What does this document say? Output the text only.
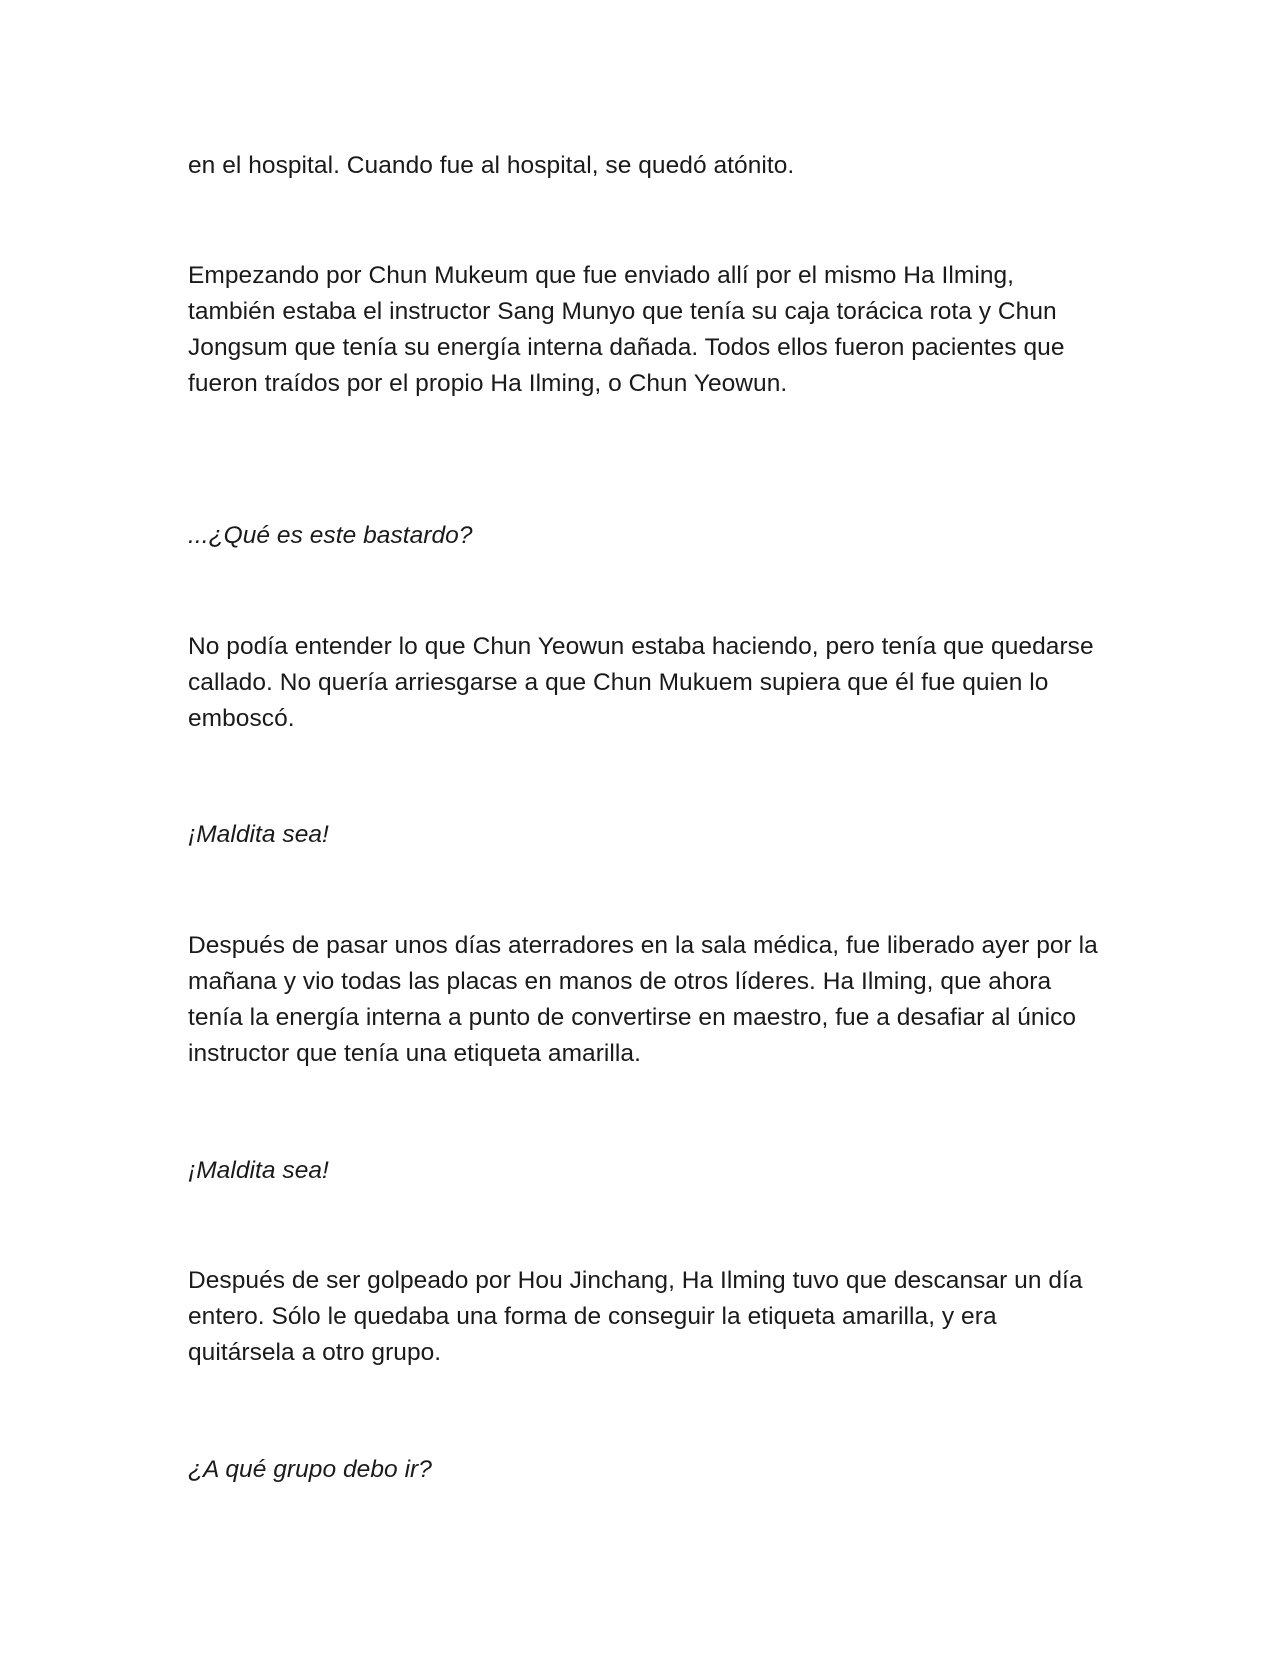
en el hospital. Cuando fue al hospital, se quedó atónito.

Empezando por Chun Mukeum que fue enviado allí por el mismo Ha Ilming, también estaba el instructor Sang Munyo que tenía su caja torácica rota y Chun Jongsum que tenía su energía interna dañada. Todos ellos fueron pacientes que fueron traídos por el propio Ha Ilming, o Chun Yeowun.

...¿Qué es este bastardo?

No podía entender lo que Chun Yeowun estaba haciendo, pero tenía que quedarse callado. No quería arriesgarse a que Chun Mukuem supiera que él fue quien lo emboscó.

¡Maldita sea!

Después de pasar unos días aterradores en la sala médica, fue liberado ayer por la mañana y vio todas las placas en manos de otros líderes. Ha Ilming, que ahora tenía la energía interna a punto de convertirse en maestro, fue a desafiar al único instructor que tenía una etiqueta amarilla.

¡Maldita sea!

Después de ser golpeado por Hou Jinchang, Ha Ilming tuvo que descansar un día entero. Sólo le quedaba una forma de conseguir la etiqueta amarilla, y era quitársela a otro grupo.

¿A qué grupo debo ir?
